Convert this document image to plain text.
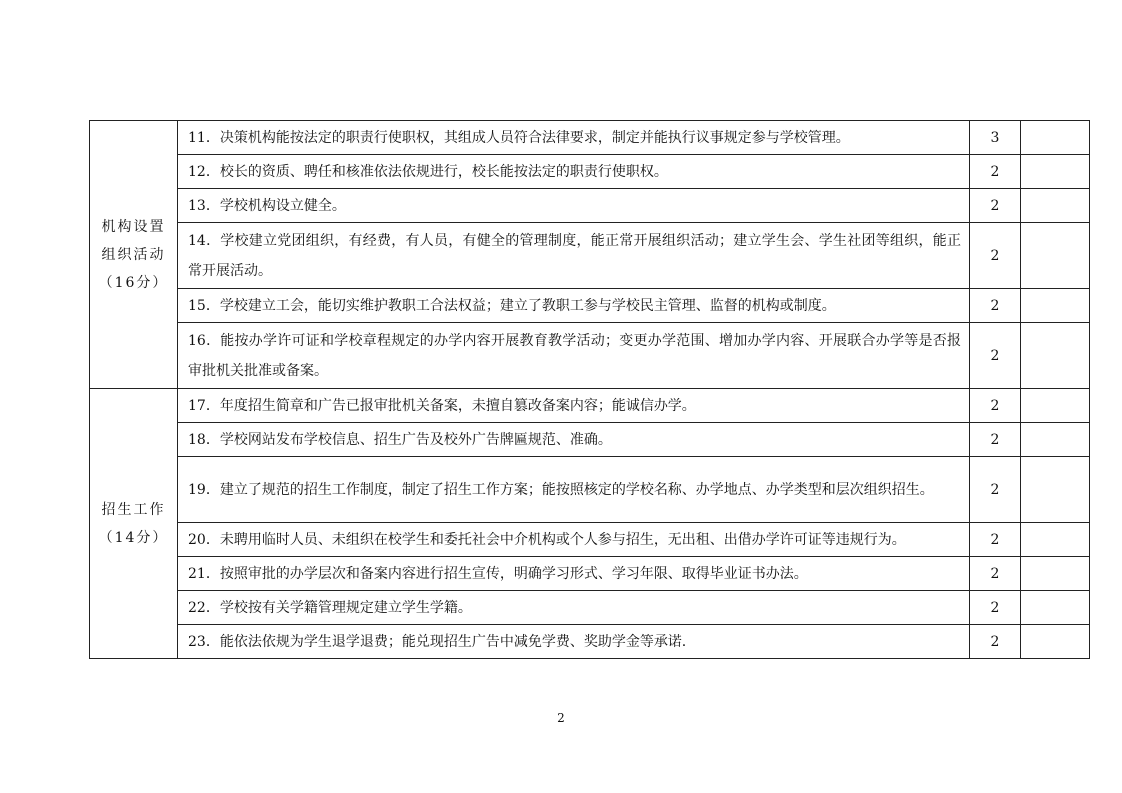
机构设置
组织活动
（16分）	11．决策机构能按法定的职责行使职权，其组成人员符合法律要求，制定并能执行议事规定参与学校管理。	3	
	12．校长的资质、聘任和核准依法依规进行，校长能按法定的职责行使职权。	2	
	13．学校机构设立健全。	2	
	14．学校建立党团组织，有经费，有人员，有健全的管理制度，能正常开展组织活动；建立学生会、学生社团等组织，能正常开展活动。	2	
	15．学校建立工会，能切实维护教职工合法权益；建立了教职工参与学校民主管理、监督的机构或制度。	2	
	16．能按办学许可证和学校章程规定的办学内容开展教育教学活动；变更办学范围、增加办学内容、开展联合办学等是否报审批机关批准或备案。	2	

招生工作
（14分）	17．年度招生简章和广告已报审批机关备案，未擅自篡改备案内容；能诚信办学。	2	
	18．学校网站发布学校信息、招生广告及校外广告牌匾规范、准确。	2	
	19．建立了规范的招生工作制度，制定了招生工作方案；能按照核定的学校名称、办学地点、办学类型和层次组织招生。	2	
	20．未聘用临时人员、未组织在校学生和委托社会中介机构或个人参与招生，无出租、出借办学许可证等违规行为。	2	
	21．按照审批的办学层次和备案内容进行招生宣传，明确学习形式、学习年限、取得毕业证书办法。	2	
	22．学校按有关学籍管理规定建立学生学籍。	2	
	23．能依法依规为学生退学退费；能兑现招生广告中减免学费、奖助学金等承诺.	2	
2
